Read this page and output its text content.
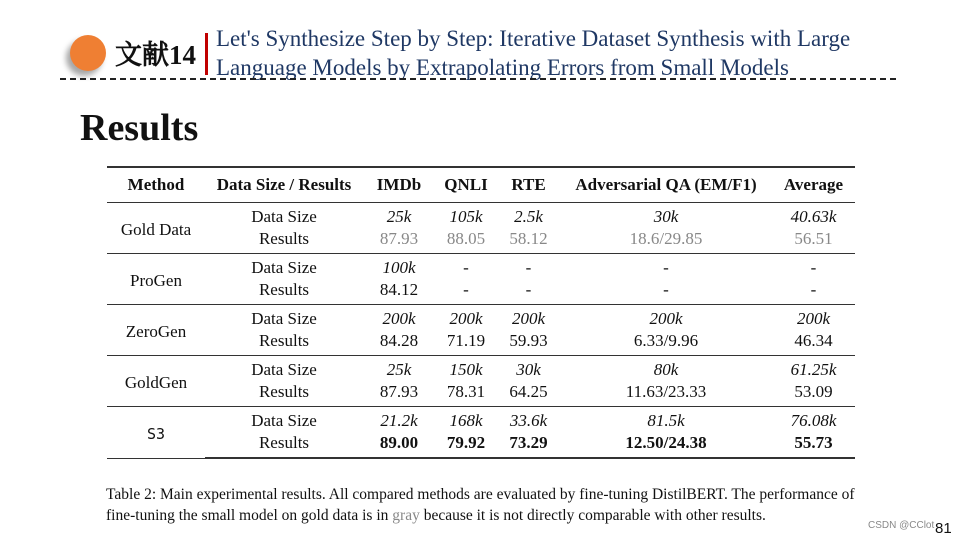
文献14
Let's Synthesize Step by Step: Iterative Dataset Synthesis with Large
Language Models by Extrapolating Errors from Small Models
Results
Method	Data Size / Results	IMDb	QNLI	RTE	Adversarial QA (EM/F1)	Average
Gold Data	Data Size	25k	105k	2.5k	30k	40.63k
	Results	87.93	88.05	58.12	18.6/29.85	56.51
ProGen	Data Size	100k	-	-	-	-
	Results	84.12	-	-	-	-
ZeroGen	Data Size	200k	200k	200k	200k	200k
	Results	84.28	71.19	59.93	6.33/9.96	46.34
GoldGen	Data Size	25k	150k	30k	80k	61.25k
	Results	87.93	78.31	64.25	11.63/23.33	53.09
S3	Data Size	21.2k	168k	33.6k	81.5k	76.08k
	Results	89.00	79.92	73.29	12.50/24.38	55.73
Table 2: Main experimental results. All compared methods are evaluated by fine-tuning DistilBERT. The performance of fine-tuning the small model on gold data is in gray because it is not directly comparable with other results.
CSDN @CClot 81
